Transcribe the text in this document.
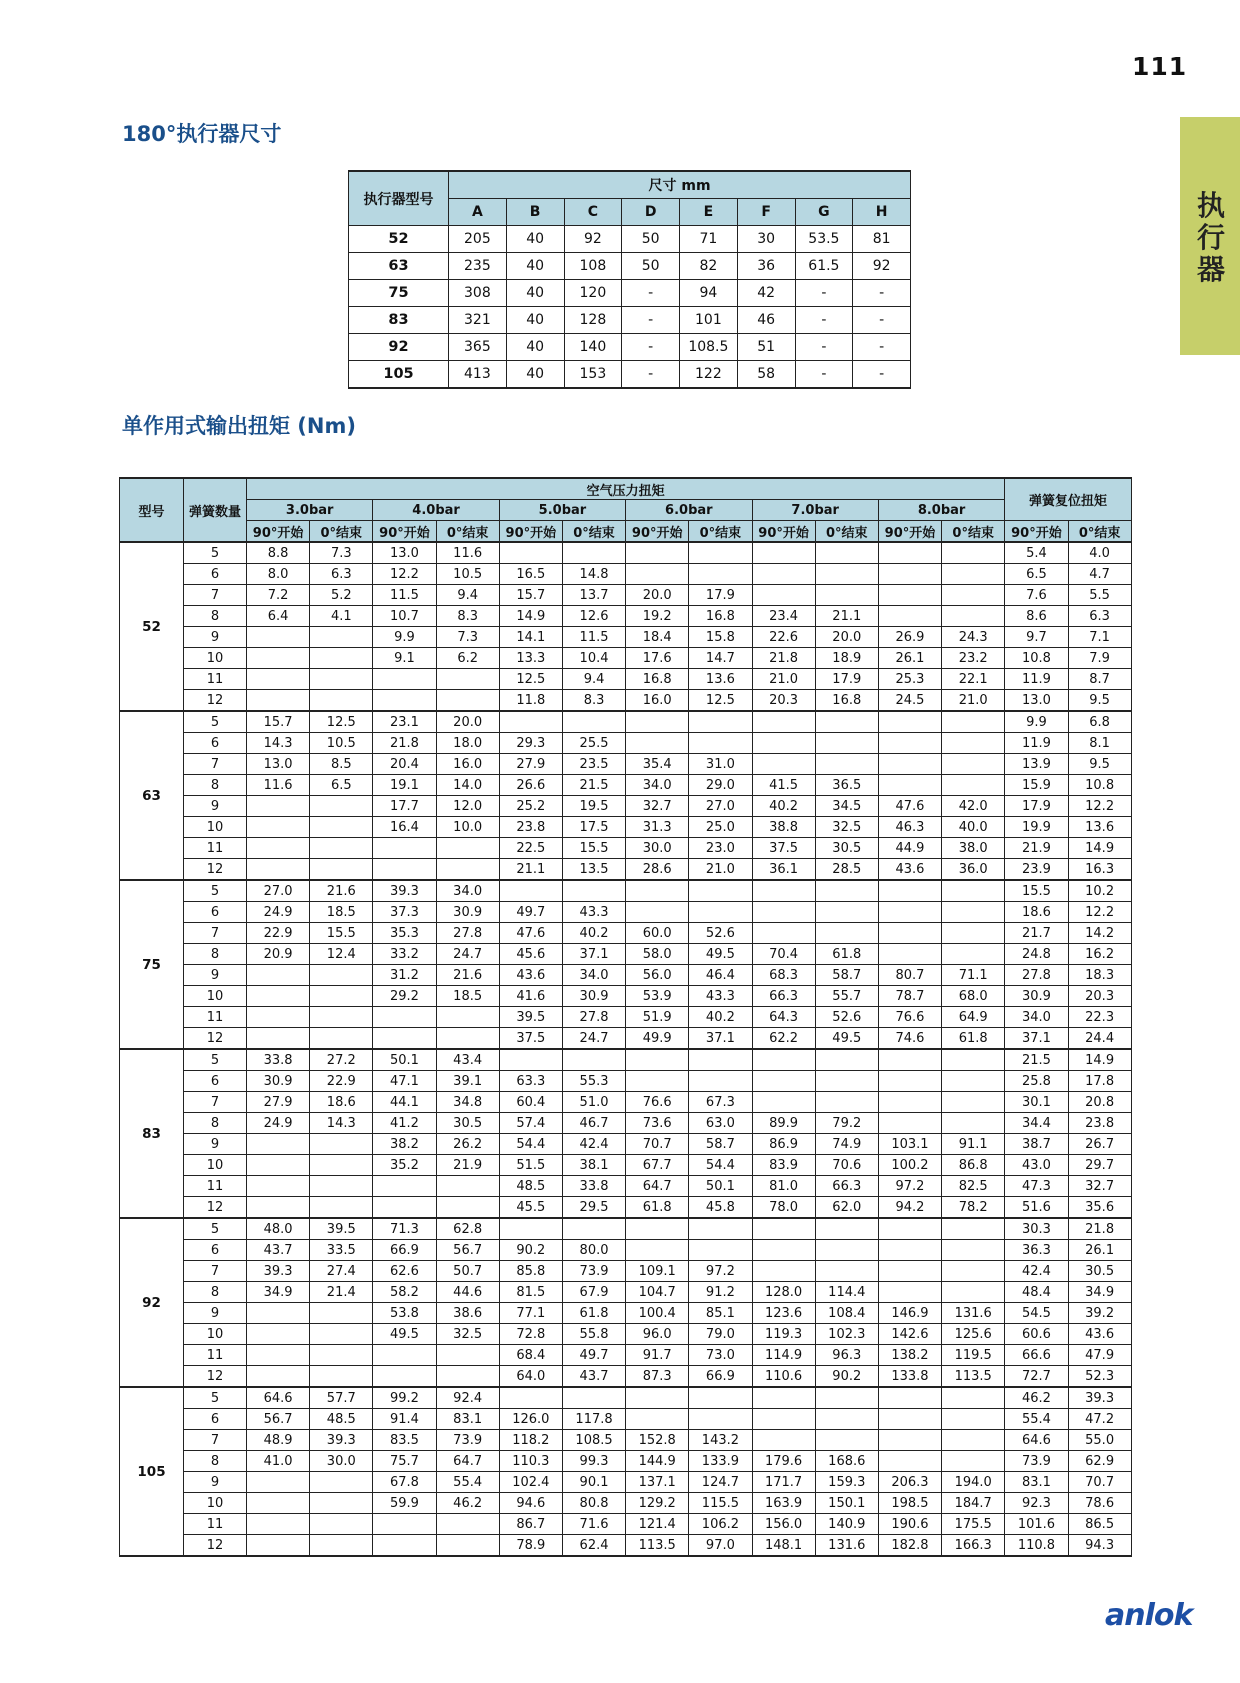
111
执
行
器
180°执行器尺寸
执行器型号	尺寸 mm							
	A	B	C	D	E	F	G	H
52	205	40	92	50	71	30	53.5	81
63	235	40	108	50	82	36	61.5	92
75	308	40	120	-	94	42	-	-
83	321	40	128	-	101	46	-	-
92	365	40	140	-	108.5	51	-	-
105	413	40	153	-	122	58	-	-
单作用式输出扭矩 (Nm)
型号	弹簧数量	空气压力扭矩												弹簧复位扭矩	
		3.0bar		4.0bar		5.0bar		6.0bar		7.0bar		8.0bar			
		90°开始	0°结束	90°开始	0°结束	90°开始	0°结束	90°开始	0°结束	90°开始	0°结束	90°开始	0°结束	90°开始	0°结束
52	5	8.8	7.3	13.0	11.6									5.4	4.0
	6	8.0	6.3	12.2	10.5	16.5	14.8							6.5	4.7
	7	7.2	5.2	11.5	9.4	15.7	13.7	20.0	17.9					7.6	5.5
	8	6.4	4.1	10.7	8.3	14.9	12.6	19.2	16.8	23.4	21.1			8.6	6.3
	9			9.9	7.3	14.1	11.5	18.4	15.8	22.6	20.0	26.9	24.3	9.7	7.1
	10			9.1	6.2	13.3	10.4	17.6	14.7	21.8	18.9	26.1	23.2	10.8	7.9
	11					12.5	9.4	16.8	13.6	21.0	17.9	25.3	22.1	11.9	8.7
	12					11.8	8.3	16.0	12.5	20.3	16.8	24.5	21.0	13.0	9.5
63	5	15.7	12.5	23.1	20.0									9.9	6.8
	6	14.3	10.5	21.8	18.0	29.3	25.5							11.9	8.1
	7	13.0	8.5	20.4	16.0	27.9	23.5	35.4	31.0					13.9	9.5
	8	11.6	6.5	19.1	14.0	26.6	21.5	34.0	29.0	41.5	36.5			15.9	10.8
	9			17.7	12.0	25.2	19.5	32.7	27.0	40.2	34.5	47.6	42.0	17.9	12.2
	10			16.4	10.0	23.8	17.5	31.3	25.0	38.8	32.5	46.3	40.0	19.9	13.6
	11					22.5	15.5	30.0	23.0	37.5	30.5	44.9	38.0	21.9	14.9
	12					21.1	13.5	28.6	21.0	36.1	28.5	43.6	36.0	23.9	16.3
75	5	27.0	21.6	39.3	34.0									15.5	10.2
	6	24.9	18.5	37.3	30.9	49.7	43.3							18.6	12.2
	7	22.9	15.5	35.3	27.8	47.6	40.2	60.0	52.6					21.7	14.2
	8	20.9	12.4	33.2	24.7	45.6	37.1	58.0	49.5	70.4	61.8			24.8	16.2
	9			31.2	21.6	43.6	34.0	56.0	46.4	68.3	58.7	80.7	71.1	27.8	18.3
	10			29.2	18.5	41.6	30.9	53.9	43.3	66.3	55.7	78.7	68.0	30.9	20.3
	11					39.5	27.8	51.9	40.2	64.3	52.6	76.6	64.9	34.0	22.3
	12					37.5	24.7	49.9	37.1	62.2	49.5	74.6	61.8	37.1	24.4
83	5	33.8	27.2	50.1	43.4									21.5	14.9
	6	30.9	22.9	47.1	39.1	63.3	55.3							25.8	17.8
	7	27.9	18.6	44.1	34.8	60.4	51.0	76.6	67.3					30.1	20.8
	8	24.9	14.3	41.2	30.5	57.4	46.7	73.6	63.0	89.9	79.2			34.4	23.8
	9			38.2	26.2	54.4	42.4	70.7	58.7	86.9	74.9	103.1	91.1	38.7	26.7
	10			35.2	21.9	51.5	38.1	67.7	54.4	83.9	70.6	100.2	86.8	43.0	29.7
	11					48.5	33.8	64.7	50.1	81.0	66.3	97.2	82.5	47.3	32.7
	12					45.5	29.5	61.8	45.8	78.0	62.0	94.2	78.2	51.6	35.6
92	5	48.0	39.5	71.3	62.8									30.3	21.8
	6	43.7	33.5	66.9	56.7	90.2	80.0							36.3	26.1
	7	39.3	27.4	62.6	50.7	85.8	73.9	109.1	97.2					42.4	30.5
	8	34.9	21.4	58.2	44.6	81.5	67.9	104.7	91.2	128.0	114.4			48.4	34.9
	9			53.8	38.6	77.1	61.8	100.4	85.1	123.6	108.4	146.9	131.6	54.5	39.2
	10			49.5	32.5	72.8	55.8	96.0	79.0	119.3	102.3	142.6	125.6	60.6	43.6
	11					68.4	49.7	91.7	73.0	114.9	96.3	138.2	119.5	66.6	47.9
	12					64.0	43.7	87.3	66.9	110.6	90.2	133.8	113.5	72.7	52.3
105	5	64.6	57.7	99.2	92.4									46.2	39.3
	6	56.7	48.5	91.4	83.1	126.0	117.8							55.4	47.2
	7	48.9	39.3	83.5	73.9	118.2	108.5	152.8	143.2					64.6	55.0
	8	41.0	30.0	75.7	64.7	110.3	99.3	144.9	133.9	179.6	168.6			73.9	62.9
	9			67.8	55.4	102.4	90.1	137.1	124.7	171.7	159.3	206.3	194.0	83.1	70.7
	10			59.9	46.2	94.6	80.8	129.2	115.5	163.9	150.1	198.5	184.7	92.3	78.6
	11					86.7	71.6	121.4	106.2	156.0	140.9	190.6	175.5	101.6	86.5
	12					78.9	62.4	113.5	97.0	148.1	131.6	182.8	166.3	110.8	94.3
anlok
